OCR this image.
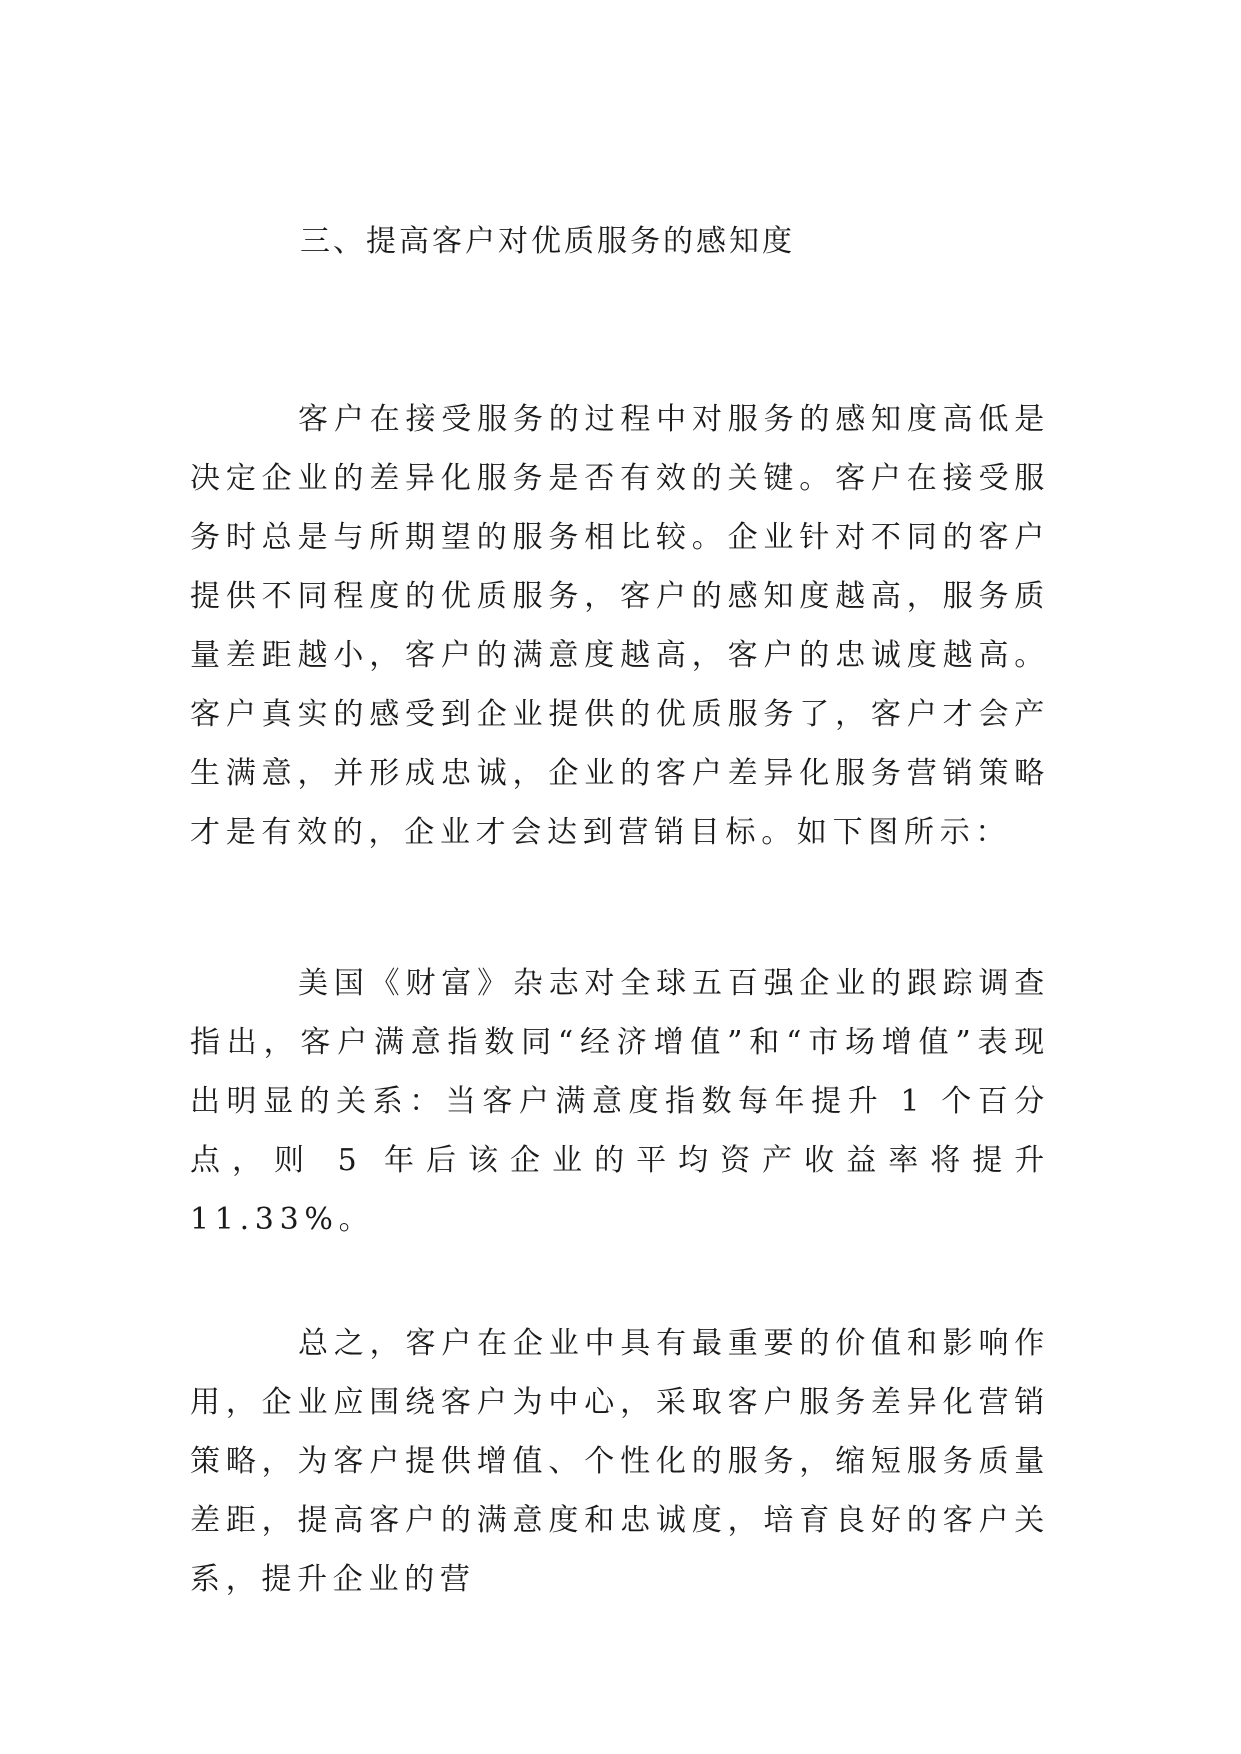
三、提高客户对优质服务的感知度

客户在接受服务的过程中对服务的感知度高低是决定企业的差异化服务是否有效的关键。客户在接受服务时总是与所期望的服务相比较。企业针对不同的客户提供不同程度的优质服务，客户的感知度越高，服务质量差距越小，客户的满意度越高，客户的忠诚度越高。客户真实的感受到企业提供的优质服务了，客户才会产生满意，并形成忠诚，企业的客户差异化服务营销策略才是有效的，企业才会达到营销目标。如下图所示：

美国《财富》杂志对全球五百强企业的跟踪调查指出，客户满意指数同“经济增值”和“市场增值”表现出明显的关系：当客户满意度指数每年提升 1 个百分点，则 5 年后该企业的平均资产收益率将提升 11.33%。

总之，客户在企业中具有最重要的价值和影响作用，企业应围绕客户为中心，采取客户服务差异化营销策略，为客户提供增值、个性化的服务，缩短服务质量差距，提高客户的满意度和忠诚度，培育良好的客户关系，提升企业的营
